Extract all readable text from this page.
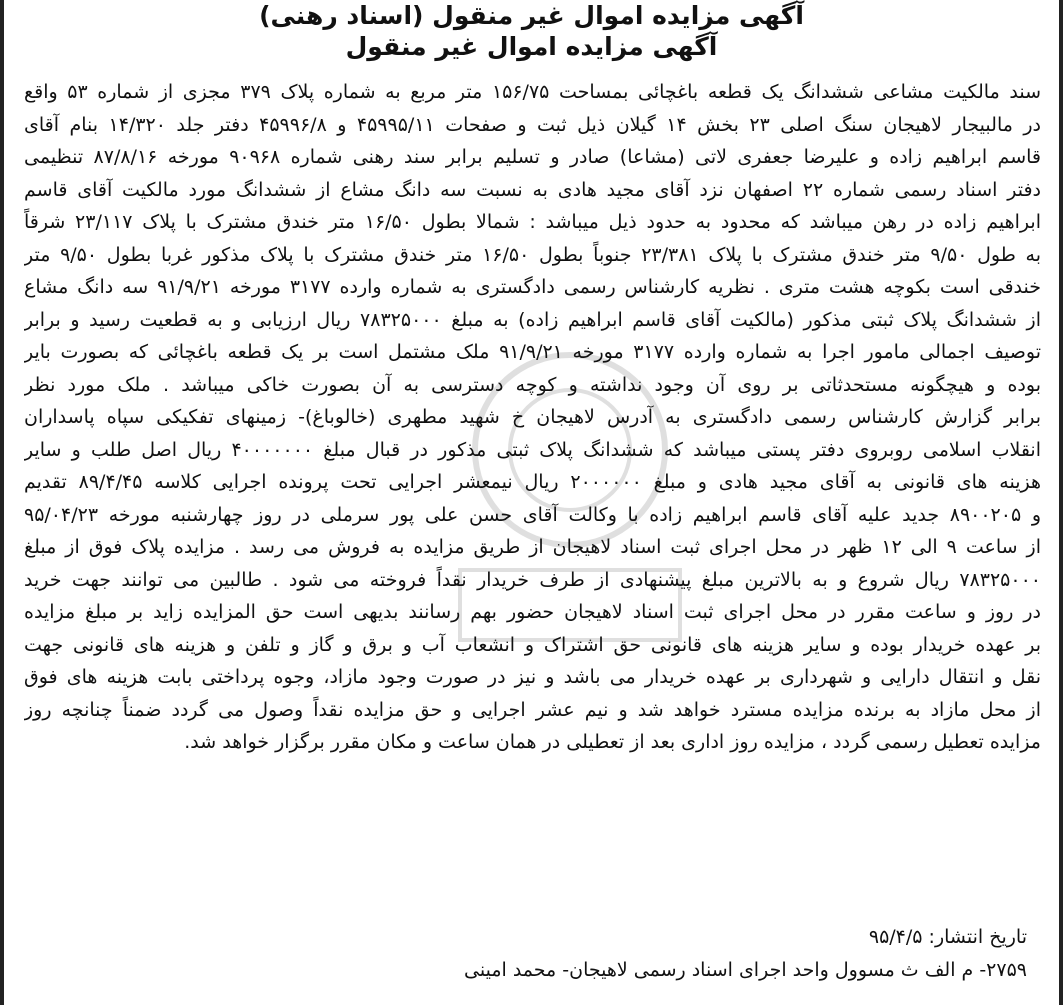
آگهی مزایده اموال غیر منقول (اسناد رهنی)

آگهی مزایده اموال غیر منقول

سند مالکیت مشاعی ششدانگ یک قطعه باغچائی بمساحت ۱۵۶/۷۵ متر مربع به شماره پلاک ۳۷۹ مجزی از شماره ۵۳ واقع

در مالبیجار لاهیجان سنگ اصلی ۲۳ بخش ۱۴ گیلان ذیل ثبت و صفحات ۴۵۹۹۵/۱۱ و ۴۵۹۹۶/۸ دفتر جلد ۱۴/۳۲۰ بنام آقای

قاسم ابراهیم زاده و علیرضا جعفری لاتی (مشاعا) صادر و تسلیم برابر سند رهنی شماره ۹۰۹۶۸ مورخه ۸۷/۸/۱۶ تنظیمی

دفتر اسناد رسمی شماره ۲۲ اصفهان نزد آقای مجید هادی به نسبت سه دانگ مشاع از ششدانگ مورد مالکیت آقای قاسم

ابراهیم زاده در رهن میباشد که محدود به حدود ذیل میباشد : شمالا بطول ۱۶/۵۰ متر خندق مشترک با پلاک ۲۳/۱۱۷ شرقاً

به طول ۹/۵۰ متر خندق مشترک با پلاک ۲۳/۳۸۱ جنوباً بطول ۱۶/۵۰ متر خندق مشترک با پلاک مذکور غربا بطول ۹/۵۰ متر

خندقی است بکوچه هشت متری . نظریه کارشناس رسمی دادگستری به شماره وارده ۳۱۷۷ مورخه ۹۱/۹/۲۱ سه دانگ مشاع

از ششدانگ پلاک ثبتی مذکور (مالکیت آقای قاسم ابراهیم زاده) به مبلغ ۷۸۳۲۵۰۰۰ ریال ارزیابی و به قطعیت رسید و برابر

توصیف اجمالی مامور اجرا به شماره وارده ۳۱۷۷ مورخه ۹۱/۹/۲۱ ملک مشتمل است بر یک قطعه باغچائی که بصورت بایر

بوده و هیچگونه مستحدثاتی بر روی آن وجود نداشته و کوچه دسترسی به آن بصورت خاکی میباشد . ملک مورد نظر

برابر گزارش کارشناس رسمی دادگستری به آدرس لاهیجان خ شهید مطهری (خالوباغ)- زمینهای تفکیکی سپاه پاسداران

انقلاب اسلامی روبروی دفتر پستی میباشد که ششدانگ پلاک ثبتی مذکور در قبال مبلغ ۴۰۰۰۰۰۰۰ ریال اصل طلب و سایر

هزینه های قانونی به آقای مجید هادی و مبلغ ۲۰۰۰۰۰۰ ریال نیمعشر اجرایی تحت پرونده اجرایی کلاسه ۸۹/۴/۴۵ تقدیم

و ۸۹۰۰۲۰۵ جدید علیه آقای قاسم ابراهیم زاده با وکالت آقای حسن علی پور سرملی در روز چهارشنبه مورخه ۹۵/۰۴/۲۳

از ساعت ۹ الی ۱۲ ظهر در محل اجرای ثبت اسناد لاهیجان از طریق مزایده به فروش می رسد . مزایده پلاک فوق از مبلغ

۷۸۳۲۵۰۰۰ ریال شروع و به بالاترین مبلغ پیشنهادی از طرف خریدار نقداً فروخته می شود . طالبین می توانند جهت خرید

در روز و ساعت مقرر در محل اجرای ثبت اسناد لاهیجان حضور بهم رسانند بدیهی است حق المزایده زاید بر مبلغ مزایده

بر عهده خریدار بوده و سایر هزینه های قانونی حق اشتراک و انشعاب آب و برق و گاز و تلفن و هزینه های قانونی جهت

نقل و انتقال دارایی و شهرداری بر عهده خریدار می باشد و نیز در صورت وجود مازاد، وجوه پرداختی بابت هزینه های فوق

از محل مازاد به برنده مزایده مسترد خواهد شد و نیم عشر اجرایی و حق مزایده نقداً وصول می گردد ضمناً چنانچه روز

مزایده تعطیل رسمی گردد ، مزایده روز اداری بعد از تعطیلی در همان ساعت و مکان مقرر برگزار خواهد شد.

تاریخ انتشار: ۹۵/۴/۵
۲۷۵۹- م الف ث مسوول واحد اجرای اسناد رسمی لاهیجان- محمد امینی
